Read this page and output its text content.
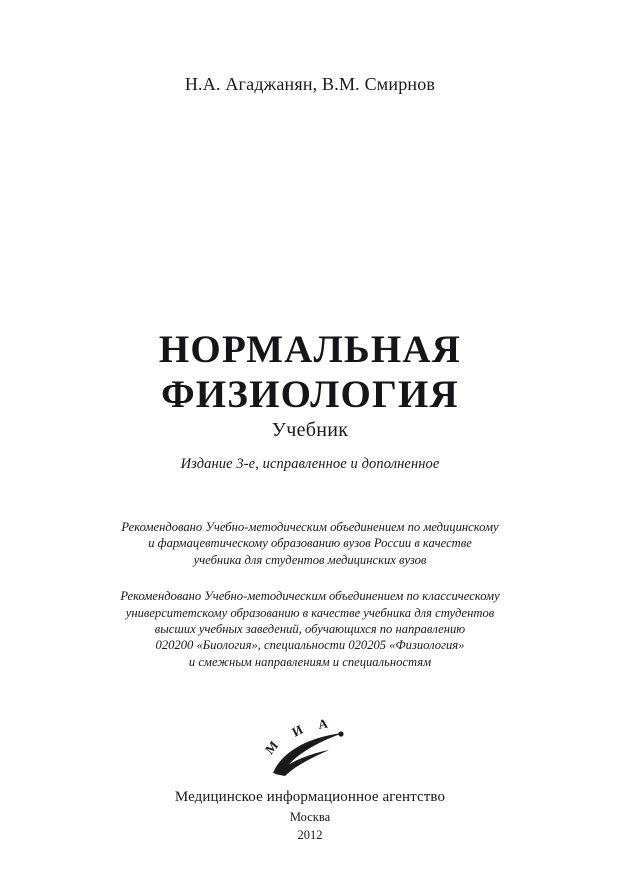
Н.А. Агаджанян, В.М. Смирнов
НОРМАЛЬНАЯ
ФИЗИОЛОГИЯ
Учебник
Издание 3-е, исправленное и дополненное
Рекомендовано Учебно-методическим объединением по медицинскому
и фармацевтическому образованию вузов России в качестве
учебника для студентов медицинских вузов
Рекомендовано Учебно-методическим объединением по классическому
университетскому образованию в качестве учебника для студентов
высших учебных заведений, обучающихся по направлению
020200 «Биология», специальности 020205 «Физиология»
и смежным направлениям и специальностям
М
И А
Медицинское информационное агентство
Москва
2012
